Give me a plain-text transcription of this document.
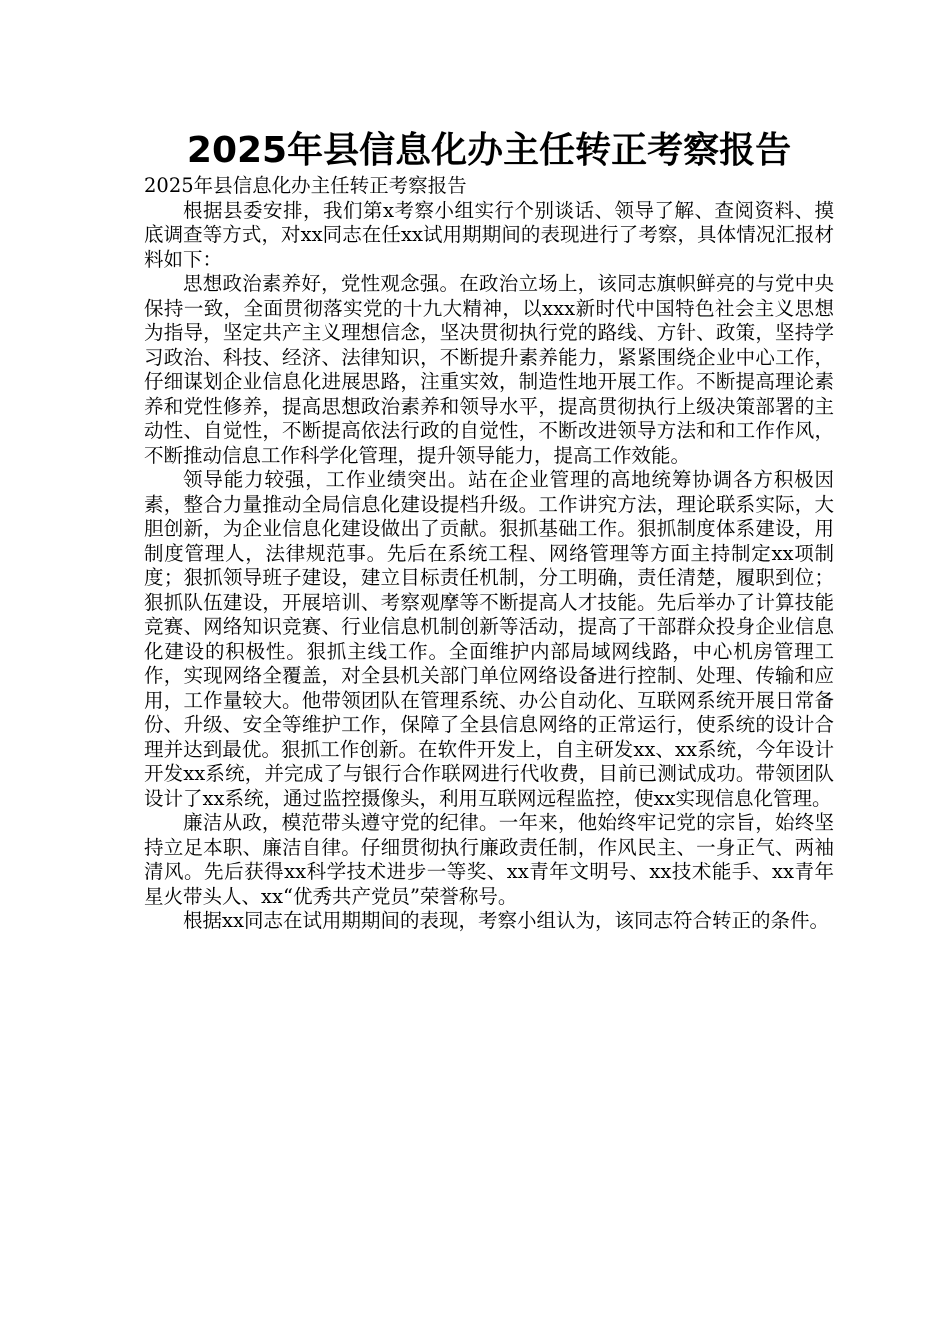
2025年县信息化办主任转正考察报告

2025年县信息化办主任转正考察报告

根据县委安排，我们第x考察小组实行个别谈话、领导了解、查阅资料、摸底调查等方式，对xx同志在任xx试用期期间的表现进行了考察，具体情况汇报材料如下：

思想政治素养好，党性观念强。在政治立场上，该同志旗帜鲜亮的与党中央保持一致，全面贯彻落实党的十九大精神，以xxx新时代中国特色社会主义思想为指导，坚定共产主义理想信念，坚决贯彻执行党的路线、方针、政策，坚持学习政治、科技、经济、法律知识，不断提升素养能力，紧紧围绕企业中心工作，仔细谋划企业信息化进展思路，注重实效，制造性地开展工作。不断提高理论素养和党性修养，提高思想政治素养和领导水平，提高贯彻执行上级决策部署的主动性、自觉性，不断提高依法行政的自觉性，不断改进领导方法和和工作作风，不断推动信息工作科学化管理，提升领导能力，提高工作效能。

领导能力较强，工作业绩突出。站在企业管理的高地统筹协调各方积极因素，整合力量推动全局信息化建设提档升级。工作讲究方法，理论联系实际，大胆创新，为企业信息化建设做出了贡献。狠抓基础工作。狠抓制度体系建设，用制度管理人，法律规范事。先后在系统工程、网络管理等方面主持制定xx项制度；狠抓领导班子建设，建立目标责任机制，分工明确，责任清楚，履职到位；狠抓队伍建设，开展培训、考察观摩等不断提高人才技能。先后举办了计算技能竞赛、网络知识竞赛、行业信息机制创新等活动，提高了干部群众投身企业信息化建设的积极性。狠抓主线工作。全面维护内部局域网线路，中心机房管理工作，实现网络全覆盖，对全县机关部门单位网络设备进行控制、处理、传输和应用，工作量较大。他带领团队在管理系统、办公自动化、互联网系统开展日常备份、升级、安全等维护工作，保障了全县信息网络的正常运行，使系统的设计合理并达到最优。狠抓工作创新。在软件开发上，自主研发xx、xx系统，今年设计开发xx系统，并完成了与银行合作联网进行代收费，目前已测试成功。带领团队设计了xx系统，通过监控摄像头，利用互联网远程监控，使xx实现信息化管理。

廉洁从政，模范带头遵守党的纪律。一年来，他始终牢记党的宗旨，始终坚持立足本职、廉洁自律。仔细贯彻执行廉政责任制，作风民主、一身正气、两袖清风。先后获得xx科学技术进步一等奖、xx青年文明号、xx技术能手、xx青年星火带头人、xx“优秀共产党员”荣誉称号。

根据xx同志在试用期期间的表现，考察小组认为，该同志符合转正的条件。
